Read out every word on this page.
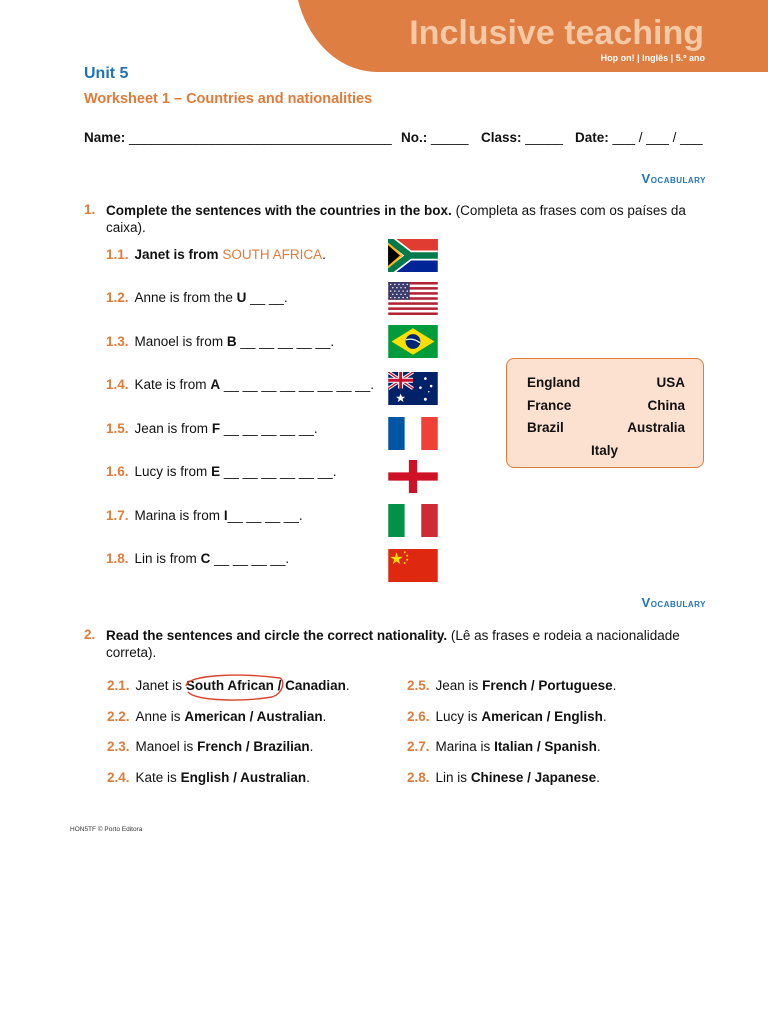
Inclusive teaching
Hop on! | Inglês | 5.º ano
Unit 5
Worksheet 1 – Countries and nationalities
Name: ___________________________________ No.: _____ Class: _____ Date: ___ / ___ / ___
Vocabulary
1. Complete the sentences with the countries in the box. (Completa as frases com os países da caixa).
1.1. Janet is from SOUTH AFRICA.
1.2. Anne is from the U __ __.
1.3. Manoel is from B __ __ __ __ __.
1.4. Kate is from A __ __ __ __ __ __ __ __.
1.5. Jean is from F __ __ __ __ __.
1.6. Lucy is from E __ __ __ __ __ __.
1.7. Marina is from I__ __ __ __.
1.8. Lin is from C __ __ __ __.
England	USA
France	China
Brazil	Australia
Italy
Vocabulary
2. Read the sentences and circle the correct nationality. (Lê as frases e rodeia a nacionalidade correta).
2.1. Janet is South African / Canadian.
2.2. Anne is American / Australian.
2.3. Manoel is French / Brazilian.
2.4. Kate is English / Australian.
2.5. Jean is French / Portuguese.
2.6. Lucy is American / English.
2.7. Marina is Italian / Spanish.
2.8. Lin is Chinese / Japanese.
HON5TF © Porto Editora
